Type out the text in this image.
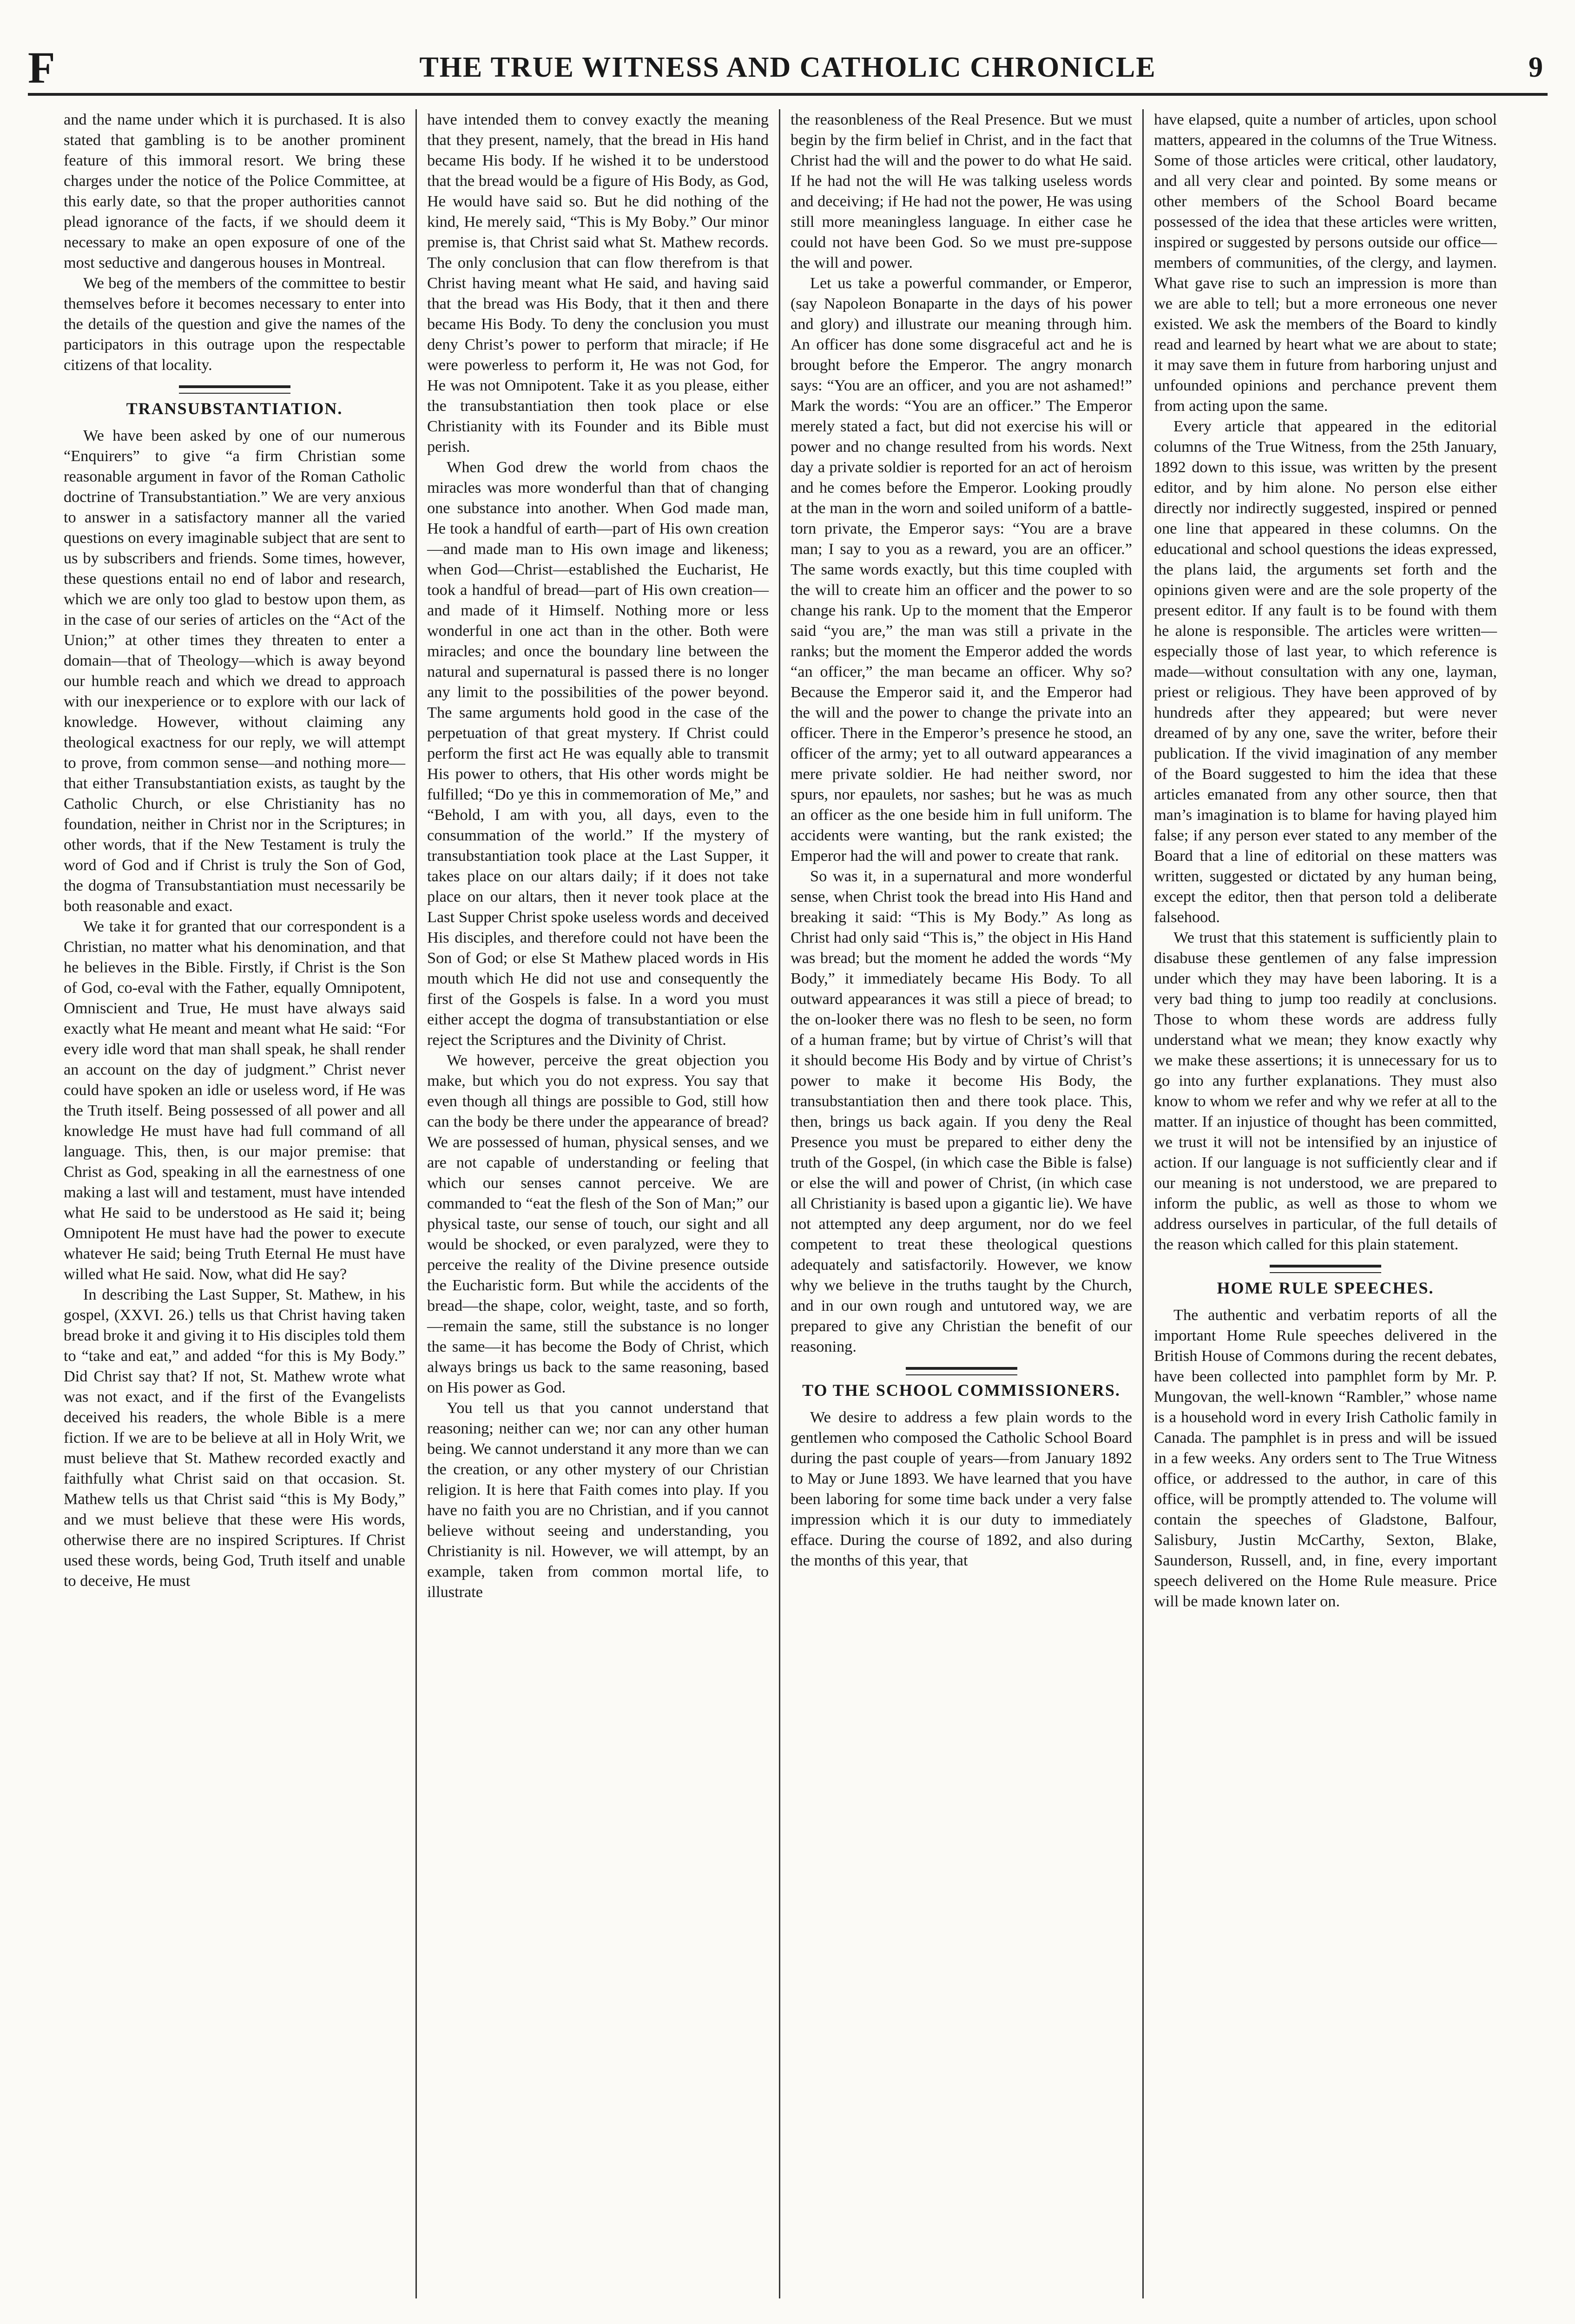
F	THE TRUE WITNESS AND CATHOLIC CHRONICLE	9

and the name under which it is purchased. It is also stated that gambling is to be another prominent feature of this immoral resort. We bring these charges under the notice of the Police Committee, at this early date, so that the proper authorities cannot plead ignorance of the facts, if we should deem it necessary to make an open exposure of one of the most seductive and dangerous houses in Montreal.

We beg of the members of the committee to bestir themselves before it becomes necessary to enter into the details of the question and give the names of the participators in this outrage upon the respectable citizens of that locality.

TRANSUBSTANTIATION.

We have been asked by one of our numerous “Enquirers” to give “a firm Christian some reasonable argument in favor of the Roman Catholic doctrine of Transubstantiation.” We are very anxious to answer in a satisfactory manner all the varied questions on every imaginable subject that are sent to us by subscribers and friends. Some times, however, these questions entail no end of labor and research, which we are only too glad to bestow upon them, as in the case of our series of articles on the “Act of the Union;” at other times they threaten to enter a domain—that of Theology—which is away beyond our humble reach and which we dread to approach with our inexperience or to explore with our lack of knowledge. However, without claiming any theological exactness for our reply, we will attempt to prove, from common sense—and nothing more—that either Transubstantiation exists, as taught by the Catholic Church, or else Christianity has no foundation, neither in Christ nor in the Scriptures; in other words, that if the New Testament is truly the word of God and if Christ is truly the Son of God, the dogma of Transubstantiation must necessarily be both reasonable and exact.

We take it for granted that our correspondent is a Christian, no matter what his denomination, and that he believes in the Bible. Firstly, if Christ is the Son of God, co-eval with the Father, equally Omnipotent, Omniscient and True, He must have always said exactly what He meant and meant what He said: “For every idle word that man shall speak, he shall render an account on the day of judgment.” Christ never could have spoken an idle or useless word, if He was the Truth itself. Being possessed of all power and all knowledge He must have had full command of all language. This, then, is our major premise: that Christ as God, speaking in all the earnestness of one making a last will and testament, must have intended what He said to be understood as He said it; being Omnipotent He must have had the power to execute whatever He said; being Truth Eternal He must have willed what He said. Now, what did He say?

In describing the Last Supper, St. Mathew, in his gospel, (XXVI. 26.) tells us that Christ having taken bread broke it and giving it to His disciples told them to “take and eat,” and added “for this is My Body.” Did Christ say that? If not, St. Mathew wrote what was not exact, and if the first of the Evangelists deceived his readers, the whole Bible is a mere fiction. If we are to be believe at all in Holy Writ, we must believe that St. Mathew recorded exactly and faithfully what Christ said on that occasion. St. Mathew tells us that Christ said “this is My Body,” and we must believe that these were His words, otherwise there are no inspired Scriptures. If Christ used these words, being God, Truth itself and unable to deceive, He must

have intended them to convey exactly the meaning that they present, namely, that the bread in His hand became His body. If he wished it to be understood that the bread would be a figure of His Body, as God, He would have said so. But he did nothing of the kind, He merely said, “This is My Boby.” Our minor premise is, that Christ said what St. Mathew records. The only conclusion that can flow therefrom is that Christ having meant what He said, and having said that the bread was His Body, that it then and there became His Body. To deny the conclusion you must deny Christ’s power to perform that miracle; if He were powerless to perform it, He was not God, for He was not Omnipotent. Take it as you please, either the transubstantiation then took place or else Christianity with its Founder and its Bible must perish.

When God drew the world from chaos the miracles was more wonderful than that of changing one substance into another. When God made man, He took a handful of earth—part of His own creation—and made man to His own image and likeness; when God—Christ—established the Eucharist, He took a handful of bread—part of His own creation—and made of it Himself. Nothing more or less wonderful in one act than in the other. Both were miracles; and once the boundary line between the natural and supernatural is passed there is no longer any limit to the possibilities of the power beyond. The same arguments hold good in the case of the perpetuation of that great mystery. If Christ could perform the first act He was equally able to transmit His power to others, that His other words might be fulfilled; “Do ye this in commemoration of Me,” and “Behold, I am with you, all days, even to the consummation of the world.” If the mystery of transubstantiation took place at the Last Supper, it takes place on our altars daily; if it does not take place on our altars, then it never took place at the Last Supper Christ spoke useless words and deceived His disciples, and therefore could not have been the Son of God; or else St Mathew placed words in His mouth which He did not use and consequently the first of the Gospels is false. In a word you must either accept the dogma of transubstantiation or else reject the Scriptures and the Divinity of Christ.

We however, perceive the great objection you make, but which you do not express. You say that even though all things are possible to God, still how can the body be there under the appearance of bread? We are possessed of human, physical senses, and we are not capable of understanding or feeling that which our senses cannot perceive. We are commanded to “eat the flesh of the Son of Man;” our physical taste, our sense of touch, our sight and all would be shocked, or even paralyzed, were they to perceive the reality of the Divine presence outside the Eucharistic form. But while the accidents of the bread—the shape, color, weight, taste, and so forth,—remain the same, still the substance is no longer the same—it has become the Body of Christ, which always brings us back to the same reasoning, based on His power as God.

You tell us that you cannot understand that reasoning; neither can we; nor can any other human being. We cannot understand it any more than we can the creation, or any other mystery of our Christian religion. It is here that Faith comes into play. If you have no faith you are no Christian, and if you cannot believe without seeing and understanding, you Christianity is nil. However, we will attempt, by an example, taken from common mortal life, to illustrate

the reasonbleness of the Real Presence. But we must begin by the firm belief in Christ, and in the fact that Christ had the will and the power to do what He said. If he had not the will He was talking useless words and deceiving; if He had not the power, He was using still more meaningless language. In either case he could not have been God. So we must pre-suppose the will and power.

Let us take a powerful commander, or Emperor, (say Napoleon Bonaparte in the days of his power and glory) and illustrate our meaning through him. An officer has done some disgraceful act and he is brought before the Emperor. The angry monarch says: “You are an officer, and you are not ashamed!” Mark the words: “You are an officer.” The Emperor merely stated a fact, but did not exercise his will or power and no change resulted from his words. Next day a private soldier is reported for an act of heroism and he comes before the Emperor. Looking proudly at the man in the worn and soiled uniform of a battle-torn private, the Emperor says: “You are a brave man; I say to you as a reward, you are an officer.” The same words exactly, but this time coupled with the will to create him an officer and the power to so change his rank. Up to the moment that the Emperor said “you are,” the man was still a private in the ranks; but the moment the Emperor added the words “an officer,” the man became an officer. Why so? Because the Emperor said it, and the Emperor had the will and the power to change the private into an officer. There in the Emperor’s presence he stood, an officer of the army; yet to all outward appearances a mere private soldier. He had neither sword, nor spurs, nor epaulets, nor sashes; but he was as much an officer as the one beside him in full uniform. The accidents were wanting, but the rank existed; the Emperor had the will and power to create that rank.

So was it, in a supernatural and more wonderful sense, when Christ took the bread into His Hand and breaking it said: “This is My Body.” As long as Christ had only said “This is,” the object in His Hand was bread; but the moment he added the words “My Body,” it immediately became His Body. To all outward appearances it was still a piece of bread; to the on-looker there was no flesh to be seen, no form of a human frame; but by virtue of Christ’s will that it should become His Body and by virtue of Christ’s power to make it become His Body, the transubstantiation then and there took place. This, then, brings us back again. If you deny the Real Presence you must be prepared to either deny the truth of the Gospel, (in which case the Bible is false) or else the will and power of Christ, (in which case all Christianity is based upon a gigantic lie). We have not attempted any deep argument, nor do we feel competent to treat these theological questions adequately and satisfactorily. However, we know why we believe in the truths taught by the Church, and in our own rough and untutored way, we are prepared to give any Christian the benefit of our reasoning.

TO THE SCHOOL COMMISSIONERS.

We desire to address a few plain words to the gentlemen who composed the Catholic School Board during the past couple of years—from January 1892 to May or June 1893. We have learned that you have been laboring for some time back under a very false impression which it is our duty to immediately efface. During the course of 1892, and also during the months of this year, that

have elapsed, quite a number of articles, upon school matters, appeared in the columns of the True Witness. Some of those articles were critical, other laudatory, and all very clear and pointed. By some means or other members of the School Board became possessed of the idea that these articles were written, inspired or suggested by persons outside our office—members of communities, of the clergy, and laymen. What gave rise to such an impression is more than we are able to tell; but a more erroneous one never existed. We ask the members of the Board to kindly read and learned by heart what we are about to state; it may save them in future from harboring unjust and unfounded opinions and perchance prevent them from acting upon the same.

Every article that appeared in the editorial columns of the True Witness, from the 25th January, 1892 down to this issue, was written by the present editor, and by him alone. No person else either directly nor indirectly suggested, inspired or penned one line that appeared in these columns. On the educational and school questions the ideas expressed, the plans laid, the arguments set forth and the opinions given were and are the sole property of the present editor. If any fault is to be found with them he alone is responsible. The articles were written—especially those of last year, to which reference is made—without consultation with any one, layman, priest or religious. They have been approved of by hundreds after they appeared; but were never dreamed of by any one, save the writer, before their publication. If the vivid imagination of any member of the Board suggested to him the idea that these articles emanated from any other source, then that man’s imagination is to blame for having played him false; if any person ever stated to any member of the Board that a line of editorial on these matters was written, suggested or dictated by any human being, except the editor, then that person told a deliberate falsehood.

We trust that this statement is sufficiently plain to disabuse these gentlemen of any false impression under which they may have been laboring. It is a very bad thing to jump too readily at conclusions. Those to whom these words are address fully understand what we mean; they know exactly why we make these assertions; it is unnecessary for us to go into any further explanations. They must also know to whom we refer and why we refer at all to the matter. If an injustice of thought has been committed, we trust it will not be intensified by an injustice of action. If our language is not sufficiently clear and if our meaning is not understood, we are prepared to inform the public, as well as those to whom we address ourselves in particular, of the full details of the reason which called for this plain statement.

HOME RULE SPEECHES.

The authentic and verbatim reports of all the important Home Rule speeches delivered in the British House of Commons during the recent debates, have been collected into pamphlet form by Mr. P. Mungovan, the well-known “Rambler,” whose name is a household word in every Irish Catholic family in Canada. The pamphlet is in press and will be issued in a few weeks. Any orders sent to The True Witness office, or addressed to the author, in care of this office, will be promptly attended to. The volume will contain the speeches of Gladstone, Balfour, Salisbury, Justin McCarthy, Sexton, Blake, Saunderson, Russell, and, in fine, every important speech delivered on the Home Rule measure. Price will be made known later on.
